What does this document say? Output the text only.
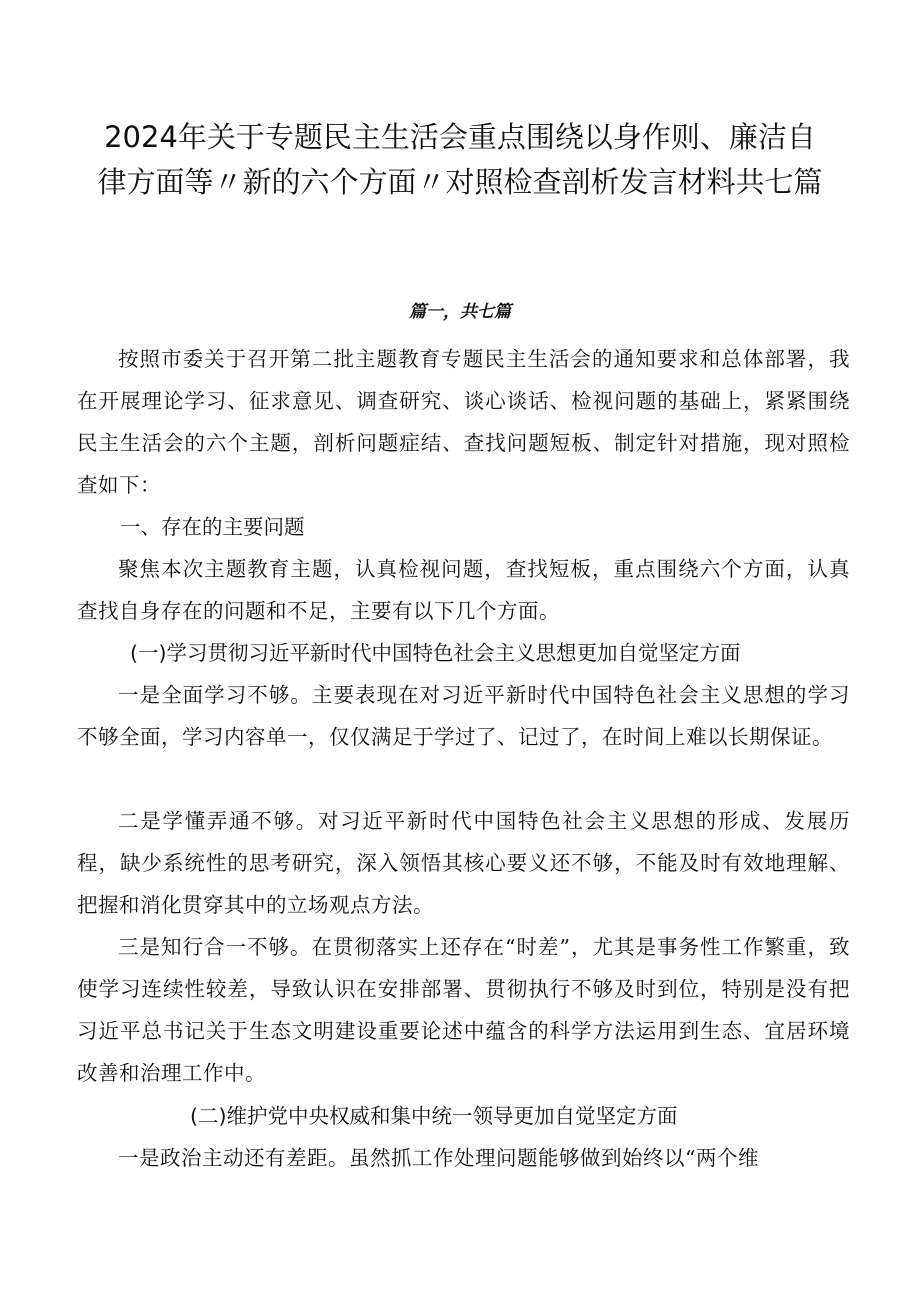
2024年关于专题民主生活会重点围绕以身作则、廉洁自律方面等〃新的六个方面〃对照检查剖析发言材料共七篇
篇一，共七篇

按照市委关于召开第二批主题教育专题民主生活会的通知要求和总体部署，我在开展理论学习、征求意见、调查研究、谈心谈话、检视问题的基础上，紧紧围绕民主生活会的六个主题，剖析问题症结、查找问题短板、制定针对措施，现对照检查如下：

一、存在的主要问题

聚焦本次主题教育主题，认真检视问题，查找短板，重点围绕六个方面，认真查找自身存在的问题和不足，主要有以下几个方面。

(一)学习贯彻习近平新时代中国特色社会主义思想更加自觉坚定方面

一是全面学习不够。主要表现在对习近平新时代中国特色社会主义思想的学习不够全面，学习内容单一，仅仅满足于学过了、记过了，在时间上难以长期保证。

二是学懂弄通不够。对习近平新时代中国特色社会主义思想的形成、发展历程，缺少系统性的思考研究，深入领悟其核心要义还不够，不能及时有效地理解、把握和消化贯穿其中的立场观点方法。

三是知行合一不够。在贯彻落实上还存在“时差”，尤其是事务性工作繁重，致使学习连续性较差，导致认识在安排部署、贯彻执行不够及时到位，特别是没有把习近平总书记关于生态文明建设重要论述中蕴含的科学方法运用到生态、宜居环境改善和治理工作中。

(二)维护党中央权威和集中统一领导更加自觉坚定方面

一是政治主动还有差距。虽然抓工作处理问题能够做到始终以“两个维
